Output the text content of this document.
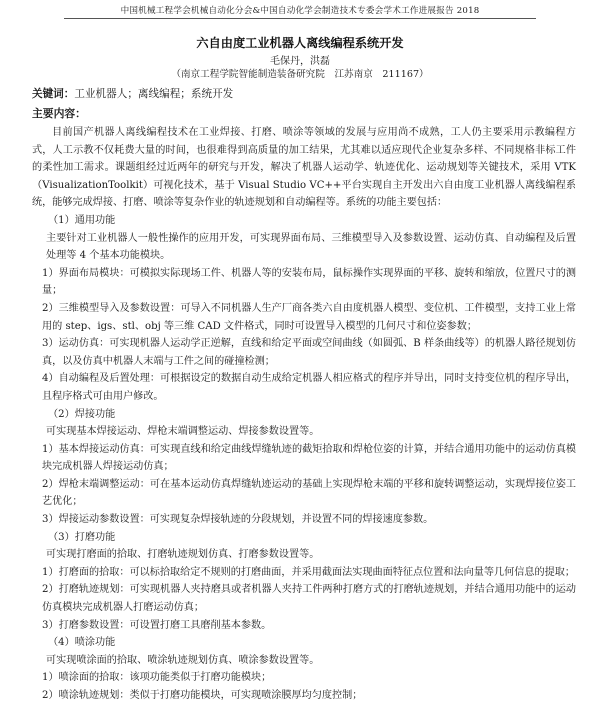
中国机械工程学会机械自动化分会&中国自动化学会制造技术专委会学术工作进展报告 2018
六自由度工业机器人离线编程系统开发
毛保丹，洪磊
（南京工程学院智能制造装备研究院　江苏南京　211167）
关键词：工业机器人；离线编程；系统开发
主要内容：

目前国产机器人离线编程技术在工业焊接、打磨、喷涂等领域的发展与应用尚不成熟，工人仍主要采用示教编程方式，人工示教不仅耗费大量的时间，也很难得到高质量的加工结果，尤其难以适应现代企业复杂多样、不同规格非标工件的柔性加工需求。课题组经过近两年的研究与开发，解决了机器人运动学、轨迹优化、运动规划等关键技术，采用 VTK（VisualizationToolkit）可视化技术，基于 Visual Studio VC++平台实现自主开发出六自由度工业机器人离线编程系统，能够完成焊接、打磨、喷涂等复杂作业的轨迹规划和自动编程等。系统的功能主要包括：

（1）通用功能

主要针对工业机器人一般性操作的应用开发，可实现界面布局、三维模型导入及参数设置、运动仿真、自动编程及后置处理等 4 个基本功能模块。

1）界面布局模块：可模拟实际现场工件、机器人等的安装布局，鼠标操作实现界面的平移、旋转和缩放，位置尺寸的测量；

2）三维模型导入及参数设置：可导入不同机器人生产厂商各类六自由度机器人模型、变位机、工件模型，支持工业上常用的 step、igs、stl、obj 等三维 CAD 文件格式，同时可设置导入模型的几何尺寸和位姿参数；

3）运动仿真：可实现机器人运动学正逆解，直线和给定平面或空间曲线（如圆弧、B 样条曲线等）的机器人路径规划仿真，以及仿真中机器人末端与工件之间的碰撞检测；

4）自动编程及后置处理：可根据设定的数据自动生成给定机器人相应格式的程序并导出，同时支持变位机的程序导出，且程序格式可由用户修改。

（2）焊接功能

可实现基本焊接运动、焊枪末端调整运动、焊接参数设置等。

1）基本焊接运动仿真：可实现直线和给定曲线焊缝轨迹的截矩拾取和焊枪位姿的计算，并结合通用功能中的运动仿真模块完成机器人焊接运动仿真；

2）焊枪末端调整运动：可在基本运动仿真焊缝轨迹运动的基础上实现焊枪末端的平移和旋转调整运动，实现焊接位姿工艺优化；

3）焊接运动参数设置：可实现复杂焊接轨迹的分段规划，并设置不同的焊接速度参数。

（3）打磨功能

可实现打磨面的拾取、打磨轨迹规划仿真、打磨参数设置等。

1）打磨面的拾取：可以标拾取给定不规则的打磨曲面，并采用截面法实现曲面特征点位置和法向量等几何信息的提取；

2）打磨轨迹规划：可实现机器人夹持磨具或者机器人夹持工件两种打磨方式的打磨轨迹规划，并结合通用功能中的运动仿真模块完成机器人打磨运动仿真；

3）打磨参数设置：可设置打磨工具磨削基本参数。

（4）喷涂功能

可实现喷涂面的拾取、喷涂轨迹规划仿真、喷涂参数设置等。

1）喷涂面的拾取：该项功能类似于打磨功能模块；

2）喷涂轨迹规划：类似于打磨功能模块，可实现喷涂膜厚均匀度控制；
